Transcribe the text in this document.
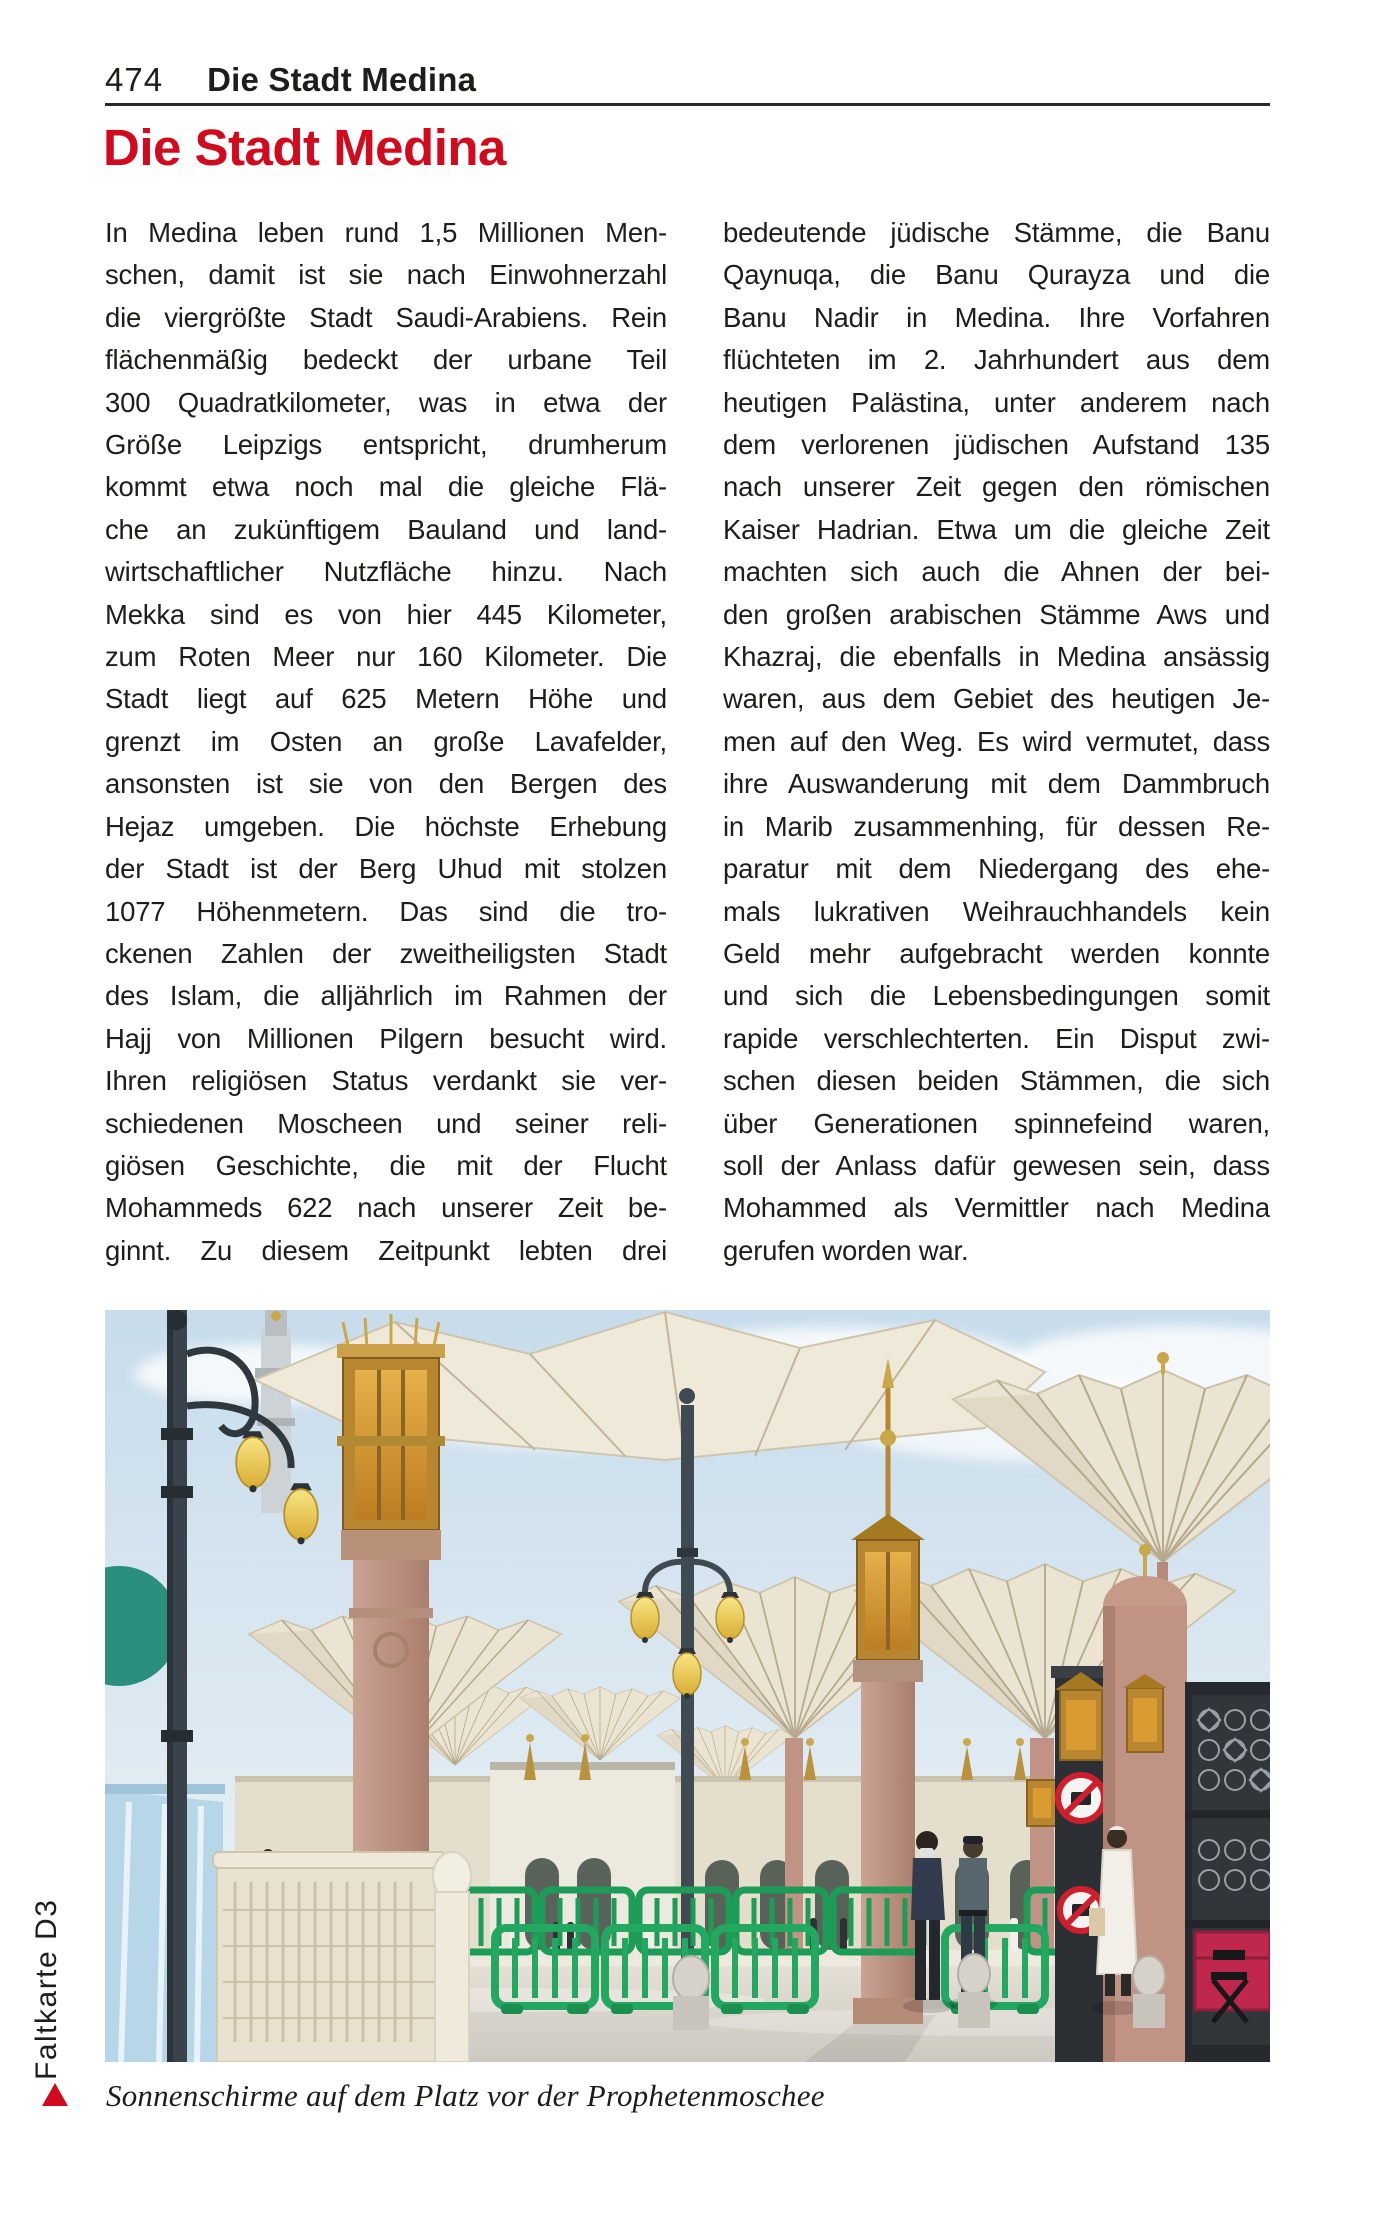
474 Die Stadt Medina
Die Stadt Medina
In Medina leben rund 1,5 Millionen Men-
schen, damit ist sie nach Einwohnerzahl
die viergrößte Stadt Saudi-Arabiens. Rein
flächenmäßig bedeckt der urbane Teil
300 Quadratkilometer, was in etwa der
Größe Leipzigs entspricht, drumherum
kommt etwa noch mal die gleiche Flä-
che an zukünftigem Bauland und land-
wirtschaftlicher Nutzfläche hinzu. Nach
Mekka sind es von hier 445 Kilometer,
zum Roten Meer nur 160 Kilometer. Die
Stadt liegt auf 625 Metern Höhe und
grenzt im Osten an große Lavafelder,
ansonsten ist sie von den Bergen des
Hejaz umgeben. Die höchste Erhebung
der Stadt ist der Berg Uhud mit stolzen
1077 Höhenmetern. Das sind die tro-
ckenen Zahlen der zweitheiligsten Stadt
des Islam, die alljährlich im Rahmen der
Hajj von Millionen Pilgern besucht wird.
Ihren religiösen Status verdankt sie ver-
schiedenen Moscheen und seiner reli-
giösen Geschichte, die mit der Flucht
Mohammeds 622 nach unserer Zeit be-
ginnt. Zu diesem Zeitpunkt lebten drei
bedeutende jüdische Stämme, die Banu
Qaynuqa, die Banu Qurayza und die
Banu Nadir in Medina. Ihre Vorfahren
flüchteten im 2. Jahrhundert aus dem
heutigen Palästina, unter anderem nach
dem verlorenen jüdischen Aufstand 135
nach unserer Zeit gegen den römischen
Kaiser Hadrian. Etwa um die gleiche Zeit
machten sich auch die Ahnen der bei-
den großen arabischen Stämme Aws und
Khazraj, die ebenfalls in Medina ansässig
waren, aus dem Gebiet des heutigen Je-
men auf den Weg. Es wird vermutet, dass
ihre Auswanderung mit dem Dammbruch
in Marib zusammenhing, für dessen Re-
paratur mit dem Niedergang des ehe-
mals lukrativen Weihrauchhandels kein
Geld mehr aufgebracht werden konnte
und sich die Lebensbedingungen somit
rapide verschlechterten. Ein Disput zwi-
schen diesen beiden Stämmen, die sich
über Generationen spinnefeind waren,
soll der Anlass dafür gewesen sein, dass
Mohammed als Vermittler nach Medina
gerufen worden war.
Sonnenschirme auf dem Platz vor der Prophetenmoschee
Faltkarte D3
